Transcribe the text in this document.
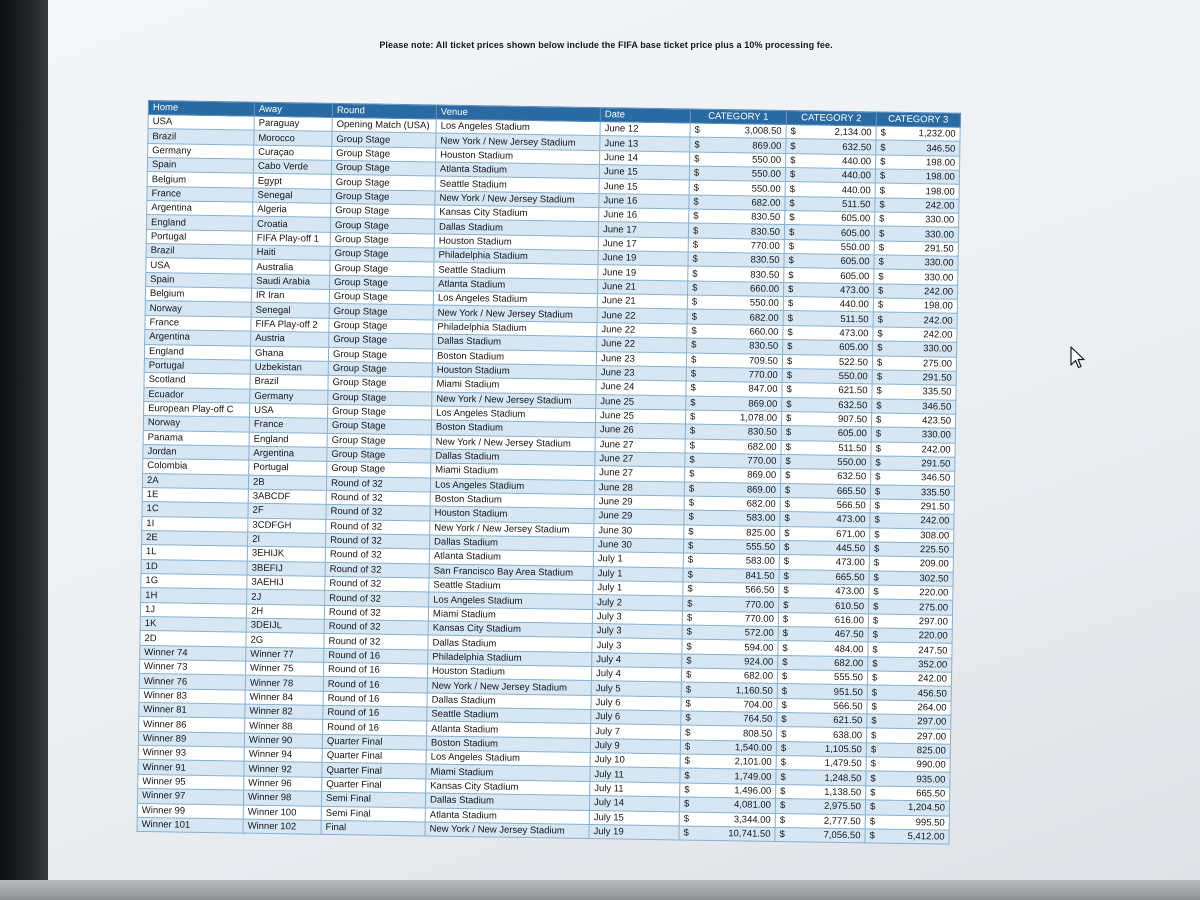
Please note: All ticket prices shown below include the FIFA base ticket price plus a 10% processing fee.
Home	Away	Round	Venue	Date	CATEGORY 1	CATEGORY 2	CATEGORY 3
USA	Paraguay	Opening Match (USA)	Los Angeles Stadium	June 12	$ 3,008.50	$ 2,134.00	$ 1,232.00

Brazil	Morocco	Group Stage	New York / New Jersey Stadium	June 13	$ 869.00	$ 632.50	$ 346.50

Germany	Curaçao	Group Stage	Houston Stadium	June 14	$ 550.00	$ 440.00	$ 198.00

Spain	Cabo Verde	Group Stage	Atlanta Stadium	June 15	$ 550.00	$ 440.00	$ 198.00

Belgium	Egypt	Group Stage	Seattle Stadium	June 15	$ 550.00	$ 440.00	$ 198.00

France	Senegal	Group Stage	New York / New Jersey Stadium	June 16	$ 682.00	$ 511.50	$ 242.00

Argentina	Algeria	Group Stage	Kansas City Stadium	June 16	$ 830.50	$ 605.00	$ 330.00

England	Croatia	Group Stage	Dallas Stadium	June 17	$ 830.50	$ 605.00	$ 330.00

Portugal	FIFA Play-off 1	Group Stage	Houston Stadium	June 17	$ 770.00	$ 550.00	$ 291.50

Brazil	Haiti	Group Stage	Philadelphia Stadium	June 19	$ 830.50	$ 605.00	$ 330.00

USA	Australia	Group Stage	Seattle Stadium	June 19	$ 830.50	$ 605.00	$ 330.00

Spain	Saudi Arabia	Group Stage	Atlanta Stadium	June 21	$ 660.00	$ 473.00	$ 242.00

Belgium	IR Iran	Group Stage	Los Angeles Stadium	June 21	$ 550.00	$ 440.00	$ 198.00

Norway	Senegal	Group Stage	New York / New Jersey Stadium	June 22	$ 682.00	$ 511.50	$ 242.00

France	FIFA Play-off 2	Group Stage	Philadelphia Stadium	June 22	$ 660.00	$ 473.00	$ 242.00

Argentina	Austria	Group Stage	Dallas Stadium	June 22	$ 830.50	$ 605.00	$ 330.00

England	Ghana	Group Stage	Boston Stadium	June 23	$ 709.50	$ 522.50	$ 275.00

Portugal	Uzbekistan	Group Stage	Houston Stadium	June 23	$ 770.00	$ 550.00	$ 291.50

Scotland	Brazil	Group Stage	Miami Stadium	June 24	$ 847.00	$ 621.50	$ 335.50

Ecuador	Germany	Group Stage	New York / New Jersey Stadium	June 25	$ 869.00	$ 632.50	$ 346.50

European Play-off C	USA	Group Stage	Los Angeles Stadium	June 25	$ 1,078.00	$ 907.50	$ 423.50

Norway	France	Group Stage	Boston Stadium	June 26	$ 830.50	$ 605.00	$ 330.00

Panama	England	Group Stage	New York / New Jersey Stadium	June 27	$ 682.00	$ 511.50	$ 242.00

Jordan	Argentina	Group Stage	Dallas Stadium	June 27	$ 770.00	$ 550.00	$ 291.50

Colombia	Portugal	Group Stage	Miami Stadium	June 27	$ 869.00	$ 632.50	$ 346.50

2A	2B	Round of 32	Los Angeles Stadium	June 28	$ 869.00	$ 665.50	$ 335.50

1E	3ABCDF	Round of 32	Boston Stadium	June 29	$ 682.00	$ 566.50	$ 291.50

1C	2F	Round of 32	Houston Stadium	June 29	$ 583.00	$ 473.00	$ 242.00

1I	3CDFGH	Round of 32	New York / New Jersey Stadium	June 30	$ 825.00	$ 671.00	$ 308.00

2E	2I	Round of 32	Dallas Stadium	June 30	$ 555.50	$ 445.50	$ 225.50

1L	3EHIJK	Round of 32	Atlanta Stadium	July 1	$ 583.00	$ 473.00	$ 209.00

1D	3BEFIJ	Round of 32	San Francisco Bay Area Stadium	July 1	$ 841.50	$ 665.50	$ 302.50

1G	3AEHIJ	Round of 32	Seattle Stadium	July 1	$ 566.50	$ 473.00	$ 220.00

1H	2J	Round of 32	Los Angeles Stadium	July 2	$ 770.00	$ 610.50	$ 275.00

1J	2H	Round of 32	Miami Stadium	July 3	$ 770.00	$ 616.00	$ 297.00

1K	3DEIJL	Round of 32	Kansas City Stadium	July 3	$ 572.00	$ 467.50	$ 220.00

2D	2G	Round of 32	Dallas Stadium	July 3	$ 594.00	$ 484.00	$ 247.50

Winner 74	Winner 77	Round of 16	Philadelphia Stadium	July 4	$ 924.00	$ 682.00	$ 352.00

Winner 73	Winner 75	Round of 16	Houston Stadium	July 4	$ 682.00	$ 555.50	$ 242.00

Winner 76	Winner 78	Round of 16	New York / New Jersey Stadium	July 5	$ 1,160.50	$ 951.50	$ 456.50

Winner 83	Winner 84	Round of 16	Dallas Stadium	July 6	$ 704.00	$ 566.50	$ 264.00

Winner 81	Winner 82	Round of 16	Seattle Stadium	July 6	$ 764.50	$ 621.50	$ 297.00

Winner 86	Winner 88	Round of 16	Atlanta Stadium	July 7	$ 808.50	$ 638.00	$ 297.00

Winner 89	Winner 90	Quarter Final	Boston Stadium	July 9	$ 1,540.00	$ 1,105.50	$ 825.00

Winner 93	Winner 94	Quarter Final	Los Angeles Stadium	July 10	$ 2,101.00	$ 1,479.50	$ 990.00

Winner 91	Winner 92	Quarter Final	Miami Stadium	July 11	$ 1,749.00	$ 1,248.50	$ 935.00

Winner 95	Winner 96	Quarter Final	Kansas City Stadium	July 11	$ 1,496.00	$ 1,138.50	$ 665.50

Winner 97	Winner 98	Semi Final	Dallas Stadium	July 14	$ 4,081.00	$ 2,975.50	$ 1,204.50

Winner 99	Winner 100	Semi Final	Atlanta Stadium	July 15	$ 3,344.00	$ 2,777.50	$ 995.50

Winner 101	Winner 102	Final	New York / New Jersey Stadium	July 19	$ 10,741.50	$ 7,056.50	$ 5,412.00
